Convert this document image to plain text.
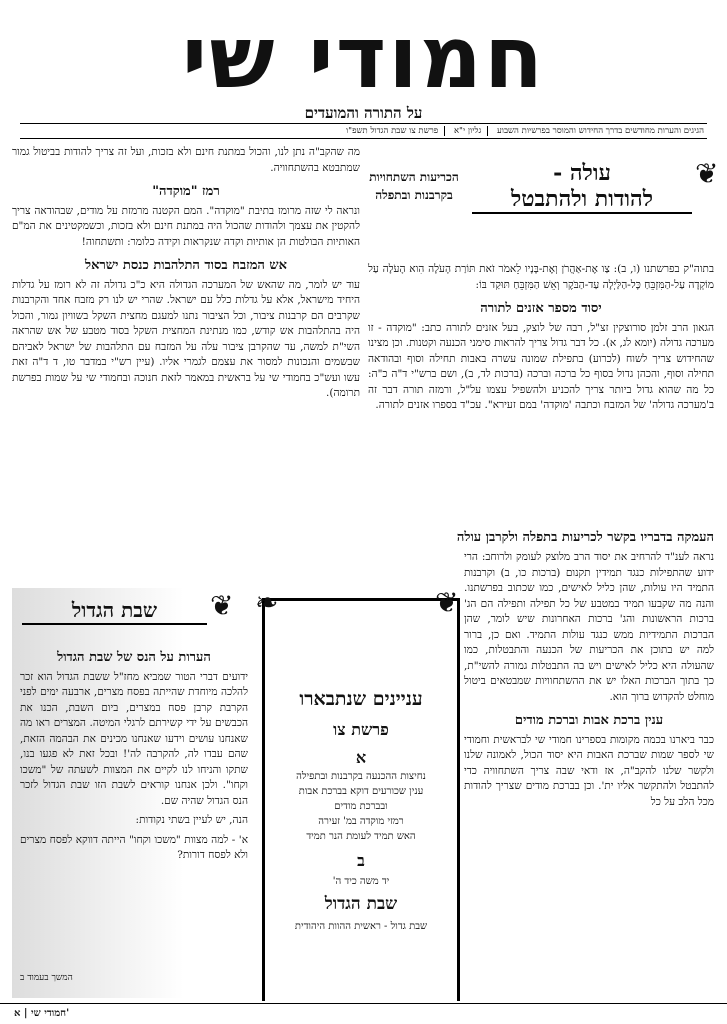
חמודי שי
על התורה והמועדים
הגיגים והערות מחודשים בדרך החידוש והמוסר בפרשיות השבוע גליון י"א פרשת צו שבת הגדול תשפ"ו
❦
עולה -
להודות ולהתבטל
הכריעות השתחויות בקרבנות ובתפלה
בתוה"ק בפרשתנו (ו, ב): צַו אֶת-אַהֲרֹן וְאֶת-בָּנָיו לֵאמֹר זֹאת תּוֹרַת הָעֹלָה הִוא הָעֹלָה עַל מוֹקְדָה עַל-הַמִּזְבֵּחַ כָּל-הַלַּיְלָה עַד-הַבֹּקֶר וְאֵשׁ הַמִּזְבֵּחַ תּוּקַד בּוֹ:
יסוד מספר אזנים לתורה
הגאון הרב זלמן סורוצקין זצ"ל, רבה של לוצק, בעל אזנים לתורה כתב: "מוקדה - זו מערכה גדולה (יומא לג, א). כל דבר גדול צריך להראות סימני הכנעה וקטנות. וכן מצינו שהחידוש צריך לשוח (לכרוע) בתפילת שמונה עשרה באבות תחילה וסוף ובהודאה תחילה וסוף, והכהן גדול בסוף כל ברכה וברכה (ברכות לד, ב), ושם ברש"י ד"ה כ"ה: כל מה שהוא גדול ביותר צריך להכניע ולהשפיל עצמו על"ל, ורמזה תורה דבר זה ב'מערכה גדולה' של המזבח וכתבה 'מוקדה' במם זעירא". עכ"ד בספרו אזנים לתורה.
העמקה בדבריו בקשר לכריעות בתפלה ולקרבן עולה
נראה לענ"ד להרחיב את יסוד הרב מלוצק לעומק ולרוחב: הרי ידוע שהתפילות כנגד תמידין תקנום (ברכות כו, ב) וקרבנות התמיד היו עולות, שהן כליל לאישים, כמו שכתוב בפרשתנו. והנה מה שקבעו תמיד במטבע של כל תפילה ותפילה הם הג' ברכות הראשונות והג' ברכות האחרונות שיש לומר, שהן הברכות התמידיות ממש כנגד עולות התמיד. ואם כן, ברור למה יש בתוכן את הכריעות של הכנעה והתבטלות, כמו שהעולה היא כליל לאישים ויש בה התבטלות גמורה להשי"ת, כך בתוך הברכות האלו יש את ההשתחוויות שמבטאים ביטול מוחלט להקדוש ברוך הוא.
ענין ברכת אבות וברכת מודים
כבר ביארנו בכמה מקומות בספרינו חמודי שי לבראשית וחמודי שי לספר שמות שברכת האבות היא יסוד הכול, לאמונה שלנו ולקשר שלנו להקב"ה, אז ודאי שבה צריך השתחוויה כדי להתבטל ולהתקשר אליו ית'. וכן בברכת מודים שצריך להודות מכל הלב על כל
מה שהקב"ה נתן לנו, והכול במתנת חינם ולא בזכות, ועל זה צריך להודות בביטול גמור שמתבטא בהשתחוויה.
רמז "מוקדה"
ונראה לי שזה מרומז בתיבת "מוקדה". המם הקטנה מרמזת על מודים, שבהודאה צריך להקטין את עצמך ולהודות שהכול היה במתנת חינם ולא בזכות, וכשמקטינים את המ"ם האותיות הבולטות הן אותיות וקדה שנקראות וקידה כלומר: ותשתחוה!
אש המזבח בסוד התלהבות כנסת ישראל
עוד יש לומר, מה שהאש של המערכה הגדולה היא כ"כ גדולה זה לא רומז על גדלות היחיד מישראל, אלא על גדלות כלל עם ישראל. שהרי יש לנו רק מזבח אחד והקרבנות שקרבים הם קרבנות ציבור, וכל הציבור נתנו למעגם מחצית השקל בשוויון גמור, והכול היה בהתלהבות אש קודש, כמו מנתינת המחצית השקל בסוד מטבע של אש שהראה השי"ת למשה, עד שהקרבן ציבור עלה על המזבח עם התלהבות של ישראל לאביהם שבשמים והנכונות למסור את עצמם לגמרי אליו. (עיין רש"י במדבר טו, ד ד"ה זאת עשו ועש"כ בחמודי שי על בראשית במאמר לזאת חנוכה ובחמודי שי על שמות בפרשת תרומה).
❦
שבת הגדול
הערות על הנס של שבת הגדול
ידועים דברי הטור שמביא מחז"ל ששבת הגדול הוא זכר להלכה מיוחדת שהייתה בפסח מצרים, ארבעה ימים לפני הקרבת קרבן פסח במצרים, ביום השבת, הכנו את הכבשים על ידי קשירתם לרגלי המיטה. המצרים ראו מה שאנחנו עושים וידעו שאנחנו מכינים את הבהמה הזאת, שהם עבדו לה, להקרבה לה'! ובכל זאת לא פגעו בנו, שתקו והניחו לנו לקיים את המצוות לשעתה של "משכו וקחו". ולכן אנחנו קוראים לשבת הזו שבת הגדול לזכר הנס הגדול שהיה שם.
הנה, יש לעיין בשתי נקודות:
א' - למה מצוות "משכו וקחו" הייתה דווקא לפסח מצרים ולא לפסח דורות?
המשך בעמוד ב
❧	❦
עניינים שנתבארו
פרשת צו
א
נחיצות ההכנעה בקרבנות ובתפילה
ענין שכורעים דוקא בברכת אבות
ובברכת מודים
רמזי מוקדה במ' זעירה
האש תמיד לעומת הנר תמיד
ב
יד משה כיד ה'
שבת הגדול
שבת גדול - ראשית ההוות היהודית
חמודי שי | א'
